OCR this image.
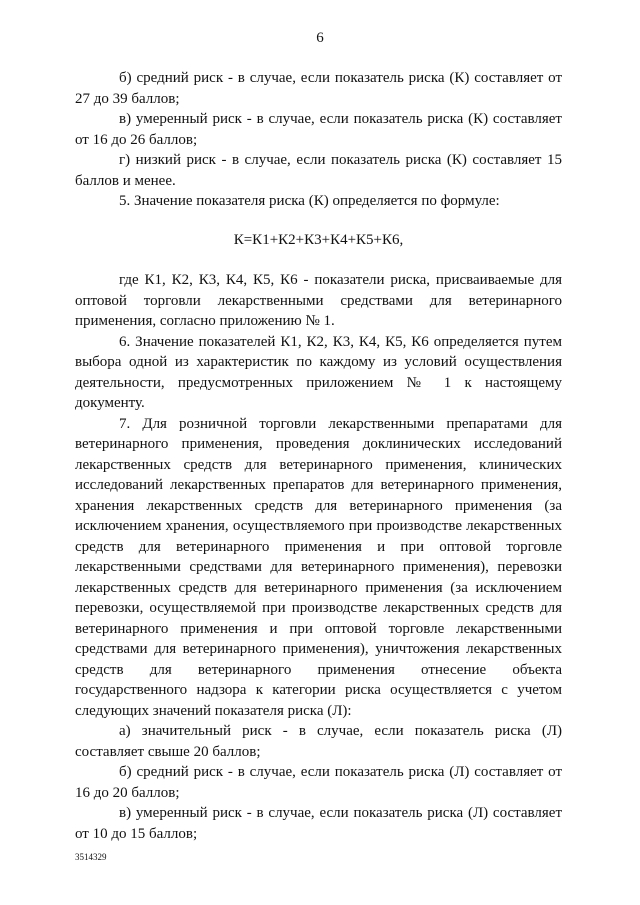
6

б) средний риск - в случае, если показатель риска (К) составляет от 27 до 39 баллов;

в) умеренный риск - в случае, если показатель риска (К) составляет от 16 до 26 баллов;

г) низкий риск - в случае, если показатель риска (К) составляет 15 баллов и менее.

5. Значение показателя риска (К) определяется по формуле:

К=К1+К2+К3+К4+К5+К6,

где К1, К2, К3, К4, К5, К6 - показатели риска, присваиваемые для оптовой торговли лекарственными средствами для ветеринарного применения, согласно приложению № 1.

6. Значение показателей К1, К2, К3, К4, К5, К6 определяется путем выбора одной из характеристик по каждому из условий осуществления деятельности, предусмотренных приложением № 1 к настоящему документу.

7. Для розничной торговли лекарственными препаратами для ветеринарного применения, проведения доклинических исследований лекарственных средств для ветеринарного применения, клинических исследований лекарственных препаратов для ветеринарного применения, хранения лекарственных средств для ветеринарного применения (за исключением хранения, осуществляемого при производстве лекарственных средств для ветеринарного применения и при оптовой торговле лекарственными средствами для ветеринарного применения), перевозки лекарственных средств для ветеринарного применения (за исключением перевозки, осуществляемой при производстве лекарственных средств для ветеринарного применения и при оптовой торговле лекарственными средствами для ветеринарного применения), уничтожения лекарственных средств для ветеринарного применения отнесение объекта государственного надзора к категории риска осуществляется с учетом следующих значений показателя риска (Л):

а) значительный риск - в случае, если показатель риска (Л) составляет свыше 20 баллов;

б) средний риск - в случае, если показатель риска (Л) составляет от 16 до 20 баллов;

в) умеренный риск - в случае, если показатель риска (Л) составляет от 10 до 15 баллов;

3514329
